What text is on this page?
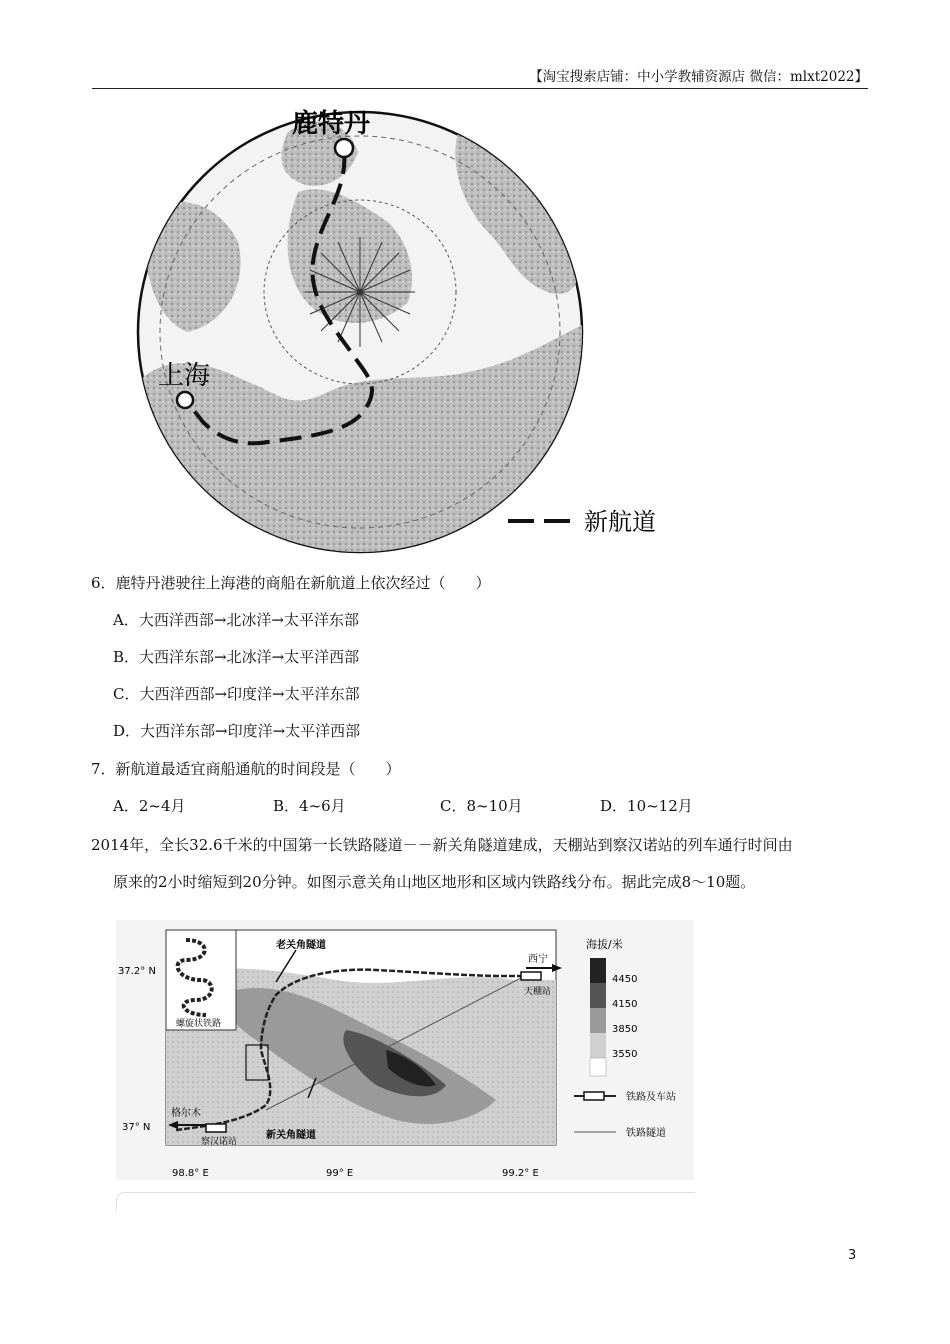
【淘宝搜索店铺：中小学教辅资源店 微信：mlxt2022】
鹿特丹
上海
新航道
6．鹿特丹港驶往上海港的商船在新航道上依次经过（　　）
A．大西洋西部→北冰洋→太平洋东部
B．大西洋东部→北冰洋→太平洋西部
C．大西洋西部→印度洋→太平洋东部
D．大西洋东部→印度洋→太平洋西部
7．新航道最适宜商船通航的时间段是（　　）
A．2~4月	B．4~6月	C．8~10月	D．10~12月
2014年，全长32.6千米的中国第一长铁路隧道－－新关角隧道建成，天棚站到察汉诺站的列车通行时间由
原来的2小时缩短到20分钟。如图示意关角山地区地形和区域内铁路线分布。据此完成8～10题。
螺旋状铁路
老关角隧道
新关角隧道
西宁
天棚站
格尔木
察汉诺站
37.2° N
37° N
98.8° E	99° E	99.2° E
海拔/米
4450
4150
3850
3550
铁路及车站
铁路隧道
3
